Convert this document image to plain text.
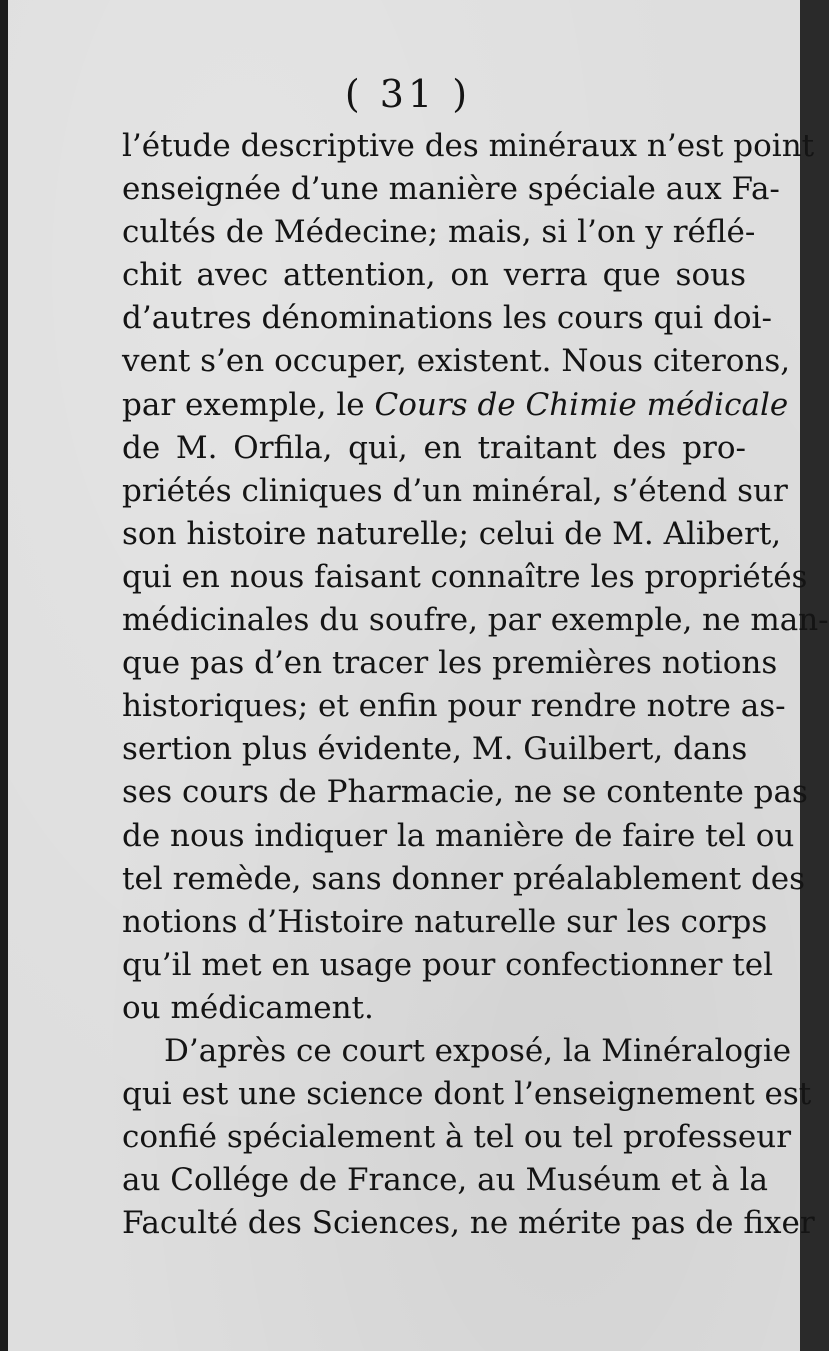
( 31 )
l’étude descriptive des minéraux n’est point
enseignée d’une manière spéciale aux Fa-
cultés de Médecine; mais, si l’on y réflé-
chit avec attention, on verra que sous
d’autres dénominations les cours qui doi-
vent s’en occuper, existent. Nous citerons,
par exemple, le Cours de Chimie médicale
de M. Orfila, qui, en traitant des pro-
priétés cliniques d’un minéral, s’étend sur
son histoire naturelle; celui de M. Alibert,
qui en nous faisant connaître les propriétés
médicinales du soufre, par exemple, ne man-
que pas d’en tracer les premières notions
historiques; et enfin pour rendre notre as-
sertion plus évidente, M. Guilbert, dans
ses cours de Pharmacie, ne se contente pas
de nous indiquer la manière de faire tel ou
tel remède, sans donner préalablement des
notions d’Histoire naturelle sur les corps
qu’il met en usage pour confectionner tel
ou médicament.
D’après ce court exposé, la Minéralogie
qui est une science dont l’enseignement est
confié spécialement à tel ou tel professeur
au Collége de France, au Muséum et à la
Faculté des Sciences, ne mérite pas de fixer
